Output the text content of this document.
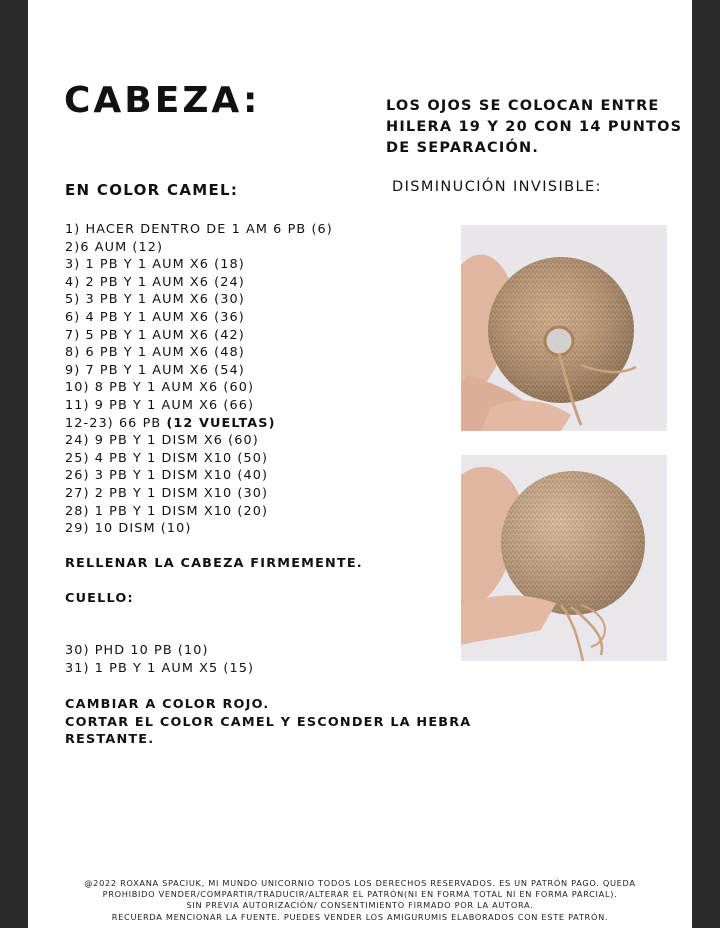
CABEZA:	LOS OJOS SE COLOCAN ENTRE HILERA 19 Y 20 CON 14 PUNTOS DE SEPARACIÓN.
EN COLOR CAMEL:	DISMINUCIÓN INVISIBLE:
1) HACER DENTRO DE 1 AM 6 PB (6)
2)6 AUM (12)
3) 1 PB Y 1 AUM X6 (18)
4) 2 PB Y 1 AUM X6 (24)
5) 3 PB Y 1 AUM X6 (30)
6) 4 PB Y 1 AUM X6 (36)
7) 5 PB Y 1 AUM X6 (42)
8) 6 PB Y 1 AUM X6 (48)
9) 7 PB Y 1 AUM X6 (54)
10) 8 PB Y 1 AUM X6 (60)
11) 9 PB Y 1 AUM X6 (66)
12-23) 66 PB (12 VUELTAS)
24) 9 PB Y 1 DISM X6 (60)
25) 4 PB Y 1 DISM X10 (50)
26) 3 PB Y 1 DISM X10 (40)
27) 2 PB Y 1 DISM X10 (30)
28) 1 PB Y 1 DISM X10 (20)
29) 10 DISM (10)
RELLENAR LA CABEZA FIRMEMENTE.
CUELLO:
30) PHD 10 PB (10)
31) 1 PB Y 1 AUM X5 (15)
CAMBIAR A COLOR ROJO.
CORTAR EL COLOR CAMEL Y ESCONDER LA HEBRA
RESTANTE.
@2022 ROXANA SPACIUK, MI MUNDO UNICORNIO TODOS LOS DERECHOS RESERVADOS. ES UN PATRÓN PAGO. QUEDA
PROHIBIDO VENDER/COMPARTIR/TRADUCIR/ALTERAR EL PATRÓN(NI EN FORMA TOTAL NI EN FORMA PARCIAL).
SIN PREVIA AUTORIZACIÓN/ CONSENTIMIENTO FIRMADO POR LA AUTORA.
RECUERDA MENCIONAR LA FUENTE. PUEDES VENDER LOS AMIGURUMIS ELABORADOS CON ESTE PATRÓN.
